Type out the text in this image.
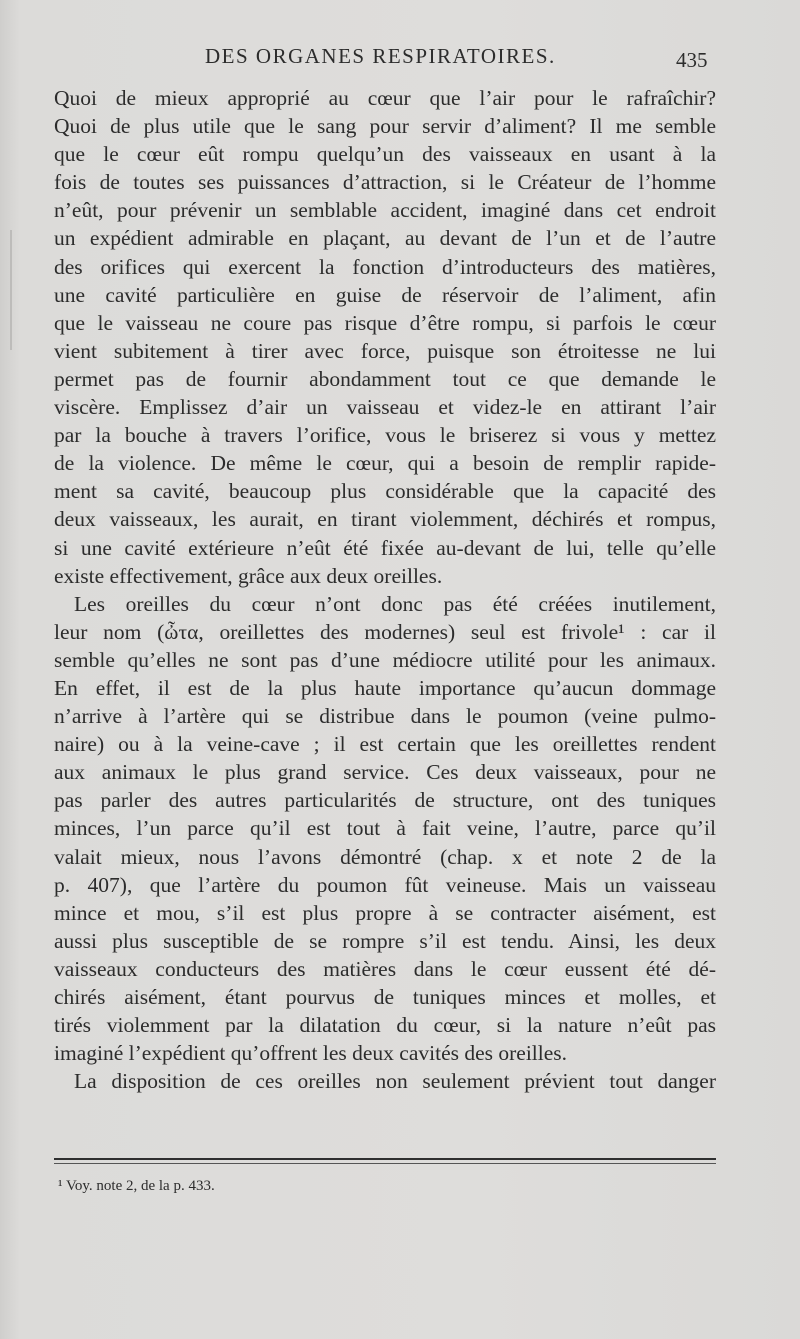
DES ORGANES RESPIRATOIRES.	435
Quoi de mieux approprié au cœur que l’air pour le rafraîchir?
Quoi de plus utile que le sang pour servir d’aliment? Il me semble
que le cœur eût rompu quelqu’un des vaisseaux en usant à la
fois de toutes ses puissances d’attraction, si le Créateur de l’homme
n’eût, pour prévenir un semblable accident, imaginé dans cet endroit
un expédient admirable en plaçant, au devant de l’un et de l’autre
des orifices qui exercent la fonction d’introducteurs des matières,
une cavité particulière en guise de réservoir de l’aliment, afin
que le vaisseau ne coure pas risque d’être rompu, si parfois le cœur
vient subitement à tirer avec force, puisque son étroitesse ne lui
permet pas de fournir abondamment tout ce que demande le
viscère. Emplissez d’air un vaisseau et videz-le en attirant l’air
par la bouche à travers l’orifice, vous le briserez si vous y mettez
de la violence. De même le cœur, qui a besoin de remplir rapide-
ment sa cavité, beaucoup plus considérable que la capacité des
deux vaisseaux, les aurait, en tirant violemment, déchirés et rompus,
si une cavité extérieure n’eût été fixée au-devant de lui, telle qu’elle
existe effectivement, grâce aux deux oreilles.
Les oreilles du cœur n’ont donc pas été créées inutilement,
leur nom (ὦτα, oreillettes des modernes) seul est frivole¹ : car il
semble qu’elles ne sont pas d’une médiocre utilité pour les animaux.
En effet, il est de la plus haute importance qu’aucun dommage
n’arrive à l’artère qui se distribue dans le poumon (veine pulmo-
naire) ou à la veine-cave ; il est certain que les oreillettes rendent
aux animaux le plus grand service. Ces deux vaisseaux, pour ne
pas parler des autres particularités de structure, ont des tuniques
minces, l’un parce qu’il est tout à fait veine, l’autre, parce qu’il
valait mieux, nous l’avons démontré (chap. x et note 2 de la
p. 407), que l’artère du poumon fût veineuse. Mais un vaisseau
mince et mou, s’il est plus propre à se contracter aisément, est
aussi plus susceptible de se rompre s’il est tendu. Ainsi, les deux
vaisseaux conducteurs des matières dans le cœur eussent été dé-
chirés aisément, étant pourvus de tuniques minces et molles, et
tirés violemment par la dilatation du cœur, si la nature n’eût pas
imaginé l’expédient qu’offrent les deux cavités des oreilles.
La disposition de ces oreilles non seulement prévient tout danger
¹ Voy. note 2, de la p. 433.
